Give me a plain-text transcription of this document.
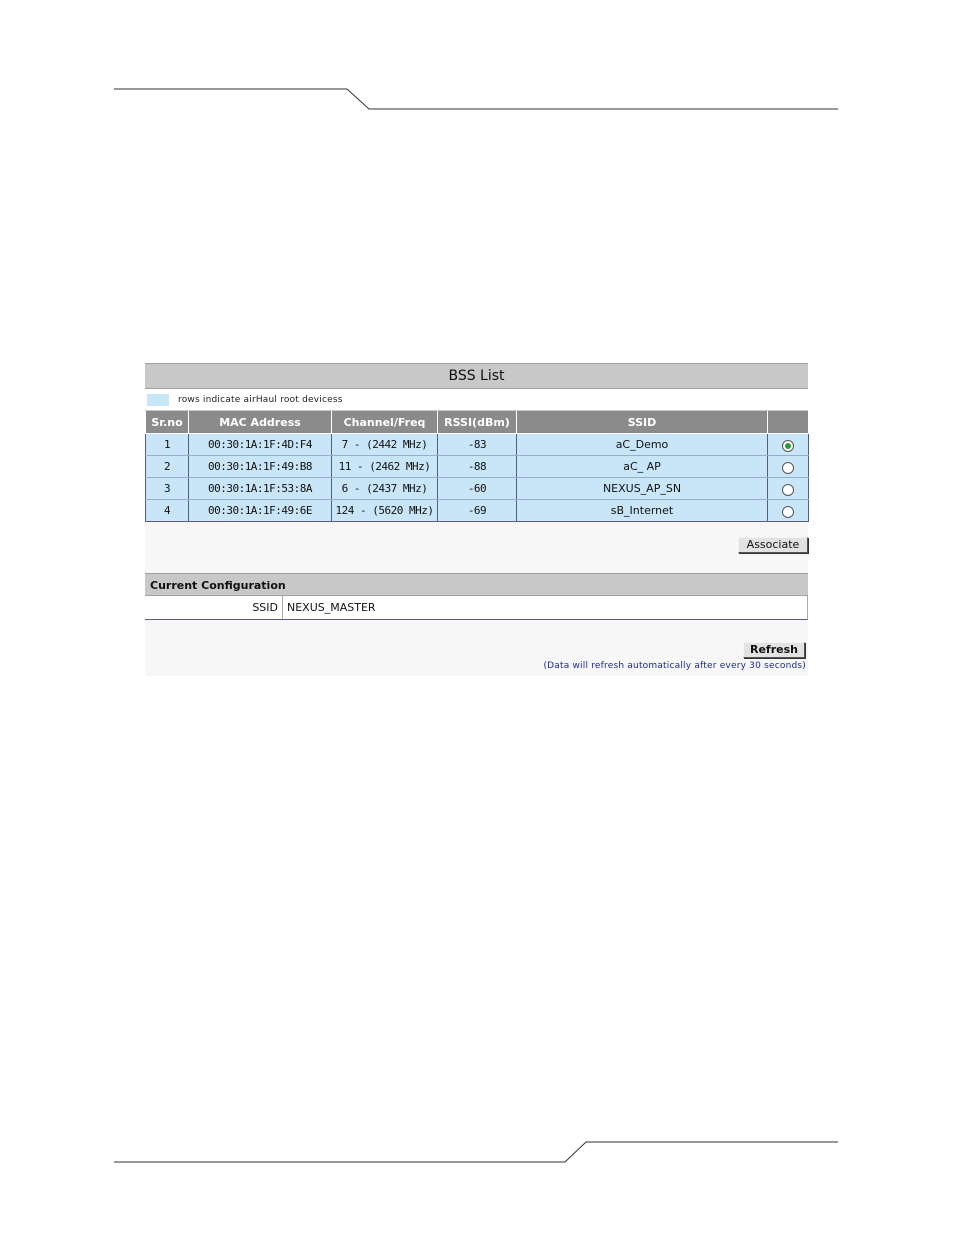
BSS List
rows indicate airHaul root devicess
Sr.no	MAC Address	Channel/Freq	RSSI(dBm)	SSID	
1	00:30:1A:1F:4D:F4	7 - (2442 MHz)	-83	aC_Demo	
2	00:30:1A:1F:49:B8	11 - (2462 MHz)	-88	aC_ AP	
3	00:30:1A:1F:53:8A	6 - (2437 MHz)	-60	NEXUS_AP_SN	
4	00:30:1A:1F:49:6E	124 - (5620 MHz)	-69	sB_Internet	
Associate
Current Configuration
SSID NEXUS_MASTER
Refresh
(Data will refresh automatically after every 30 seconds)
